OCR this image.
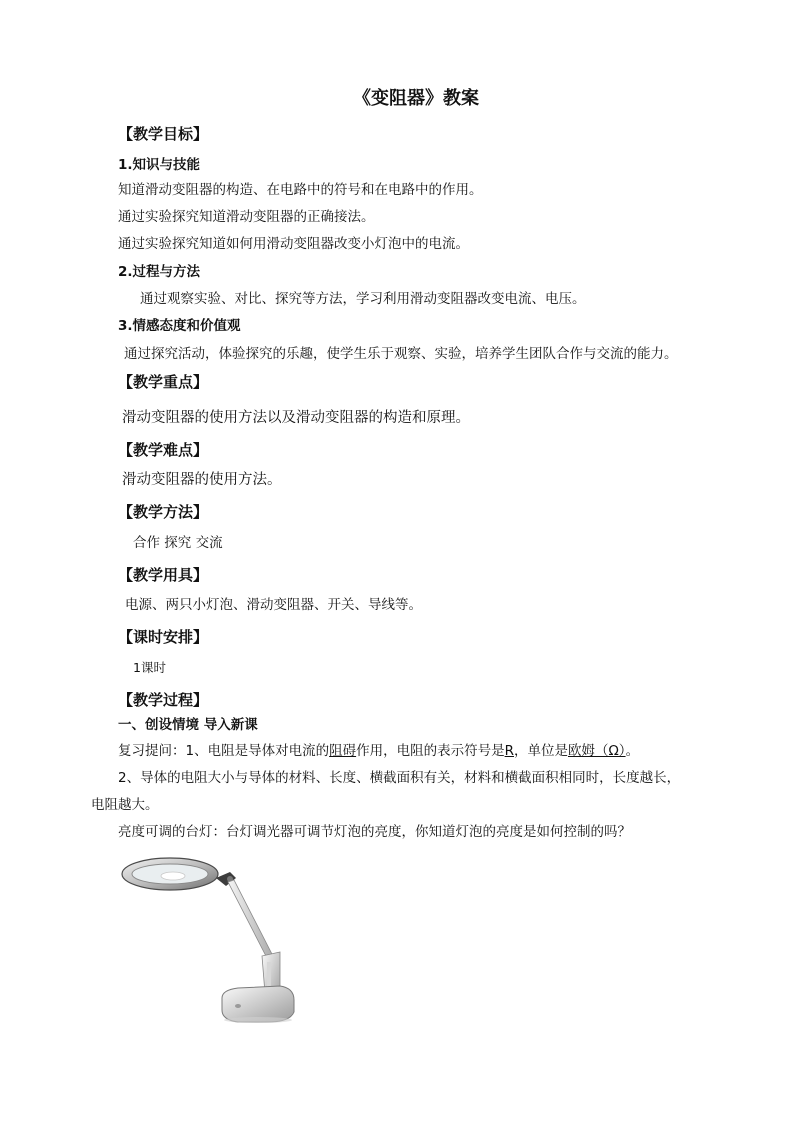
《变阻器》教案
【教学目标】
1.知识与技能
知道滑动变阻器的构造、在电路中的符号和在电路中的作用。
通过实验探究知道滑动变阻器的正确接法。
通过实验探究知道如何用滑动变阻器改变小灯泡中的电流。
2.过程与方法
通过观察实验、对比、探究等方法，学习利用滑动变阻器改变电流、电压。
3.情感态度和价值观
通过探究活动，体验探究的乐趣，使学生乐于观察、实验，培养学生团队合作与交流的能力。
【教学重点】
滑动变阻器的使用方法以及滑动变阻器的构造和原理。
【教学难点】
滑动变阻器的使用方法。
【教学方法】
合作 探究 交流
【教学用具】
电源、两只小灯泡、滑动变阻器、开关、导线等。
【课时安排】
1课时
【教学过程】
一、创设情境 导入新课
复习提问：1、电阻是导体对电流的阻碍作用，电阻的表示符号是R，单位是欧姆（Ω）。
2、导体的电阻大小与导体的材料、长度、横截面积有关，材料和横截面积相同时，长度越长，
电阻越大。
亮度可调的台灯：台灯调光器可调节灯泡的亮度，你知道灯泡的亮度是如何控制的吗？
